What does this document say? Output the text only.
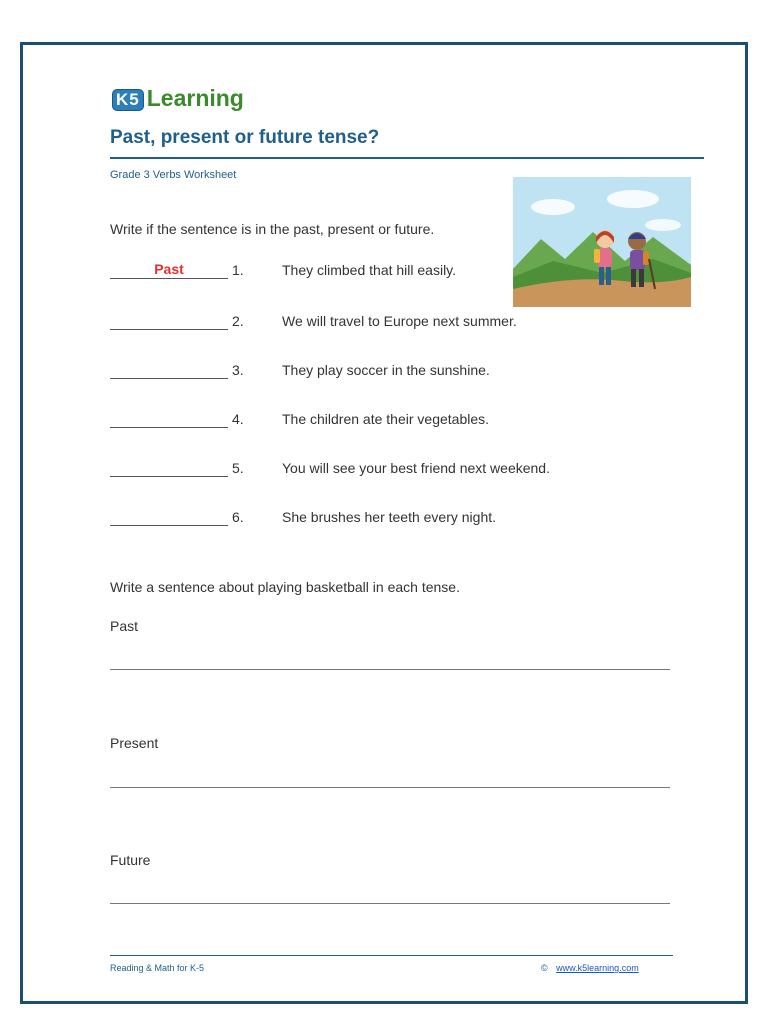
K5 Learning
Past, present or future tense?
Grade 3 Verbs Worksheet
Write if the sentence is in the past, present or future.
Past	1.	They climbed that hill easily.
2.	We will travel to Europe next summer.
3.	They play soccer in the sunshine.
4.	The children ate their vegetables.
5.	You will see your best friend next weekend.
6.	She brushes her teeth every night.
Write a sentence about playing basketball in each tense.
Past
Present
Future
Reading & Math for K-5	© www.k5learning.com
